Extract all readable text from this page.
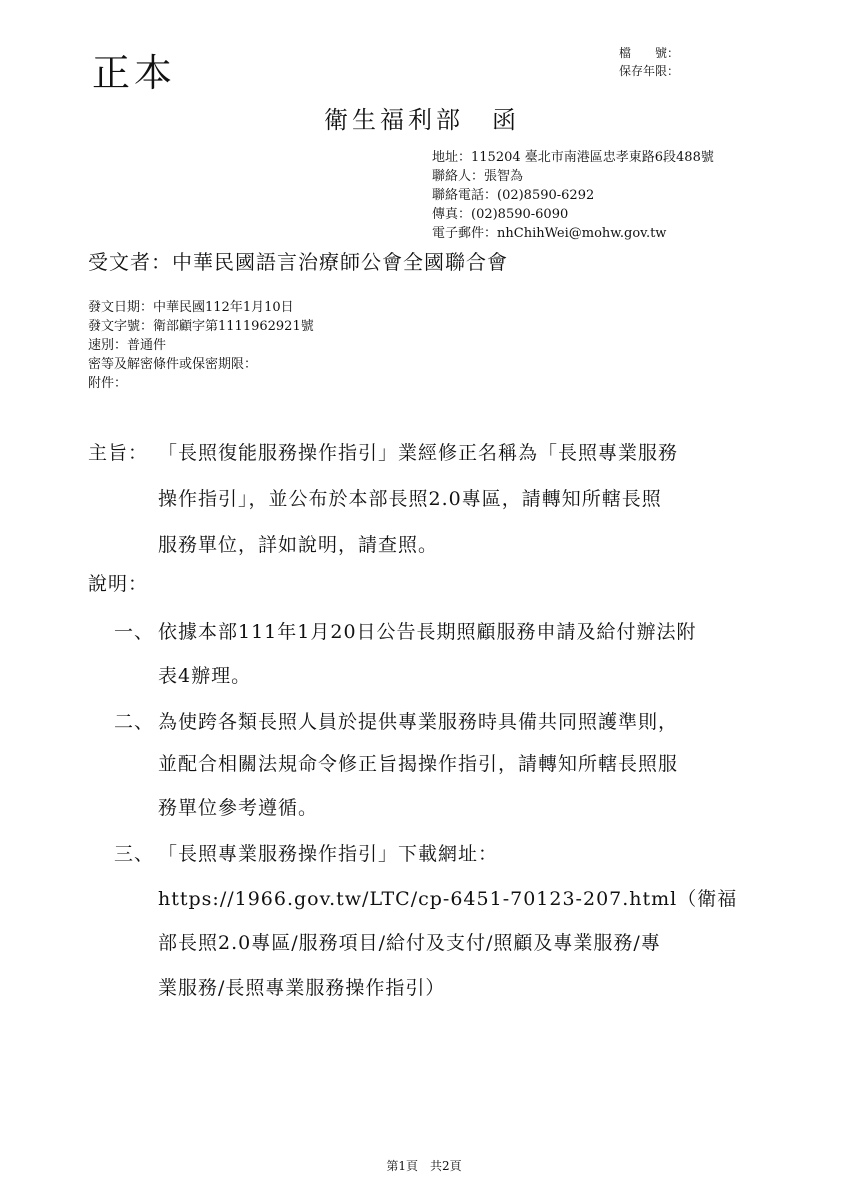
正本	檔　　號：
保存年限：
衛生福利部　函
地址：115204 臺北市南港區忠孝東路6段488號
聯絡人：張智為
聯絡電話：(02)8590-6292
傳真：(02)8590-6090
電子郵件：nhChihWei@mohw.gov.tw
受文者：中華民國語言治療師公會全國聯合會
發文日期：中華民國112年1月10日
發文字號：衛部顧字第1111962921號
速別：普通件
密等及解密條件或保密期限：
附件：
主旨： 「長照復能服務操作指引」業經修正名稱為「長照專業服務
操作指引」，並公布於本部長照2.0專區，請轉知所轄長照
服務單位，詳如說明，請查照。
說明：
一、 依據本部111年1月20日公告長期照顧服務申請及給付辦法附
表4辦理。
二、 為使跨各類長照人員於提供專業服務時具備共同照護準則，
並配合相關法規命令修正旨揭操作指引，請轉知所轄長照服
務單位參考遵循。
三、 「長照專業服務操作指引」下載網址：
https://1966.gov.tw/LTC/cp-6451-70123-207.html（衛福
部長照2.0專區/服務項目/給付及支付/照顧及專業服務/專
業服務/長照專業服務操作指引）
第1頁　共2頁
